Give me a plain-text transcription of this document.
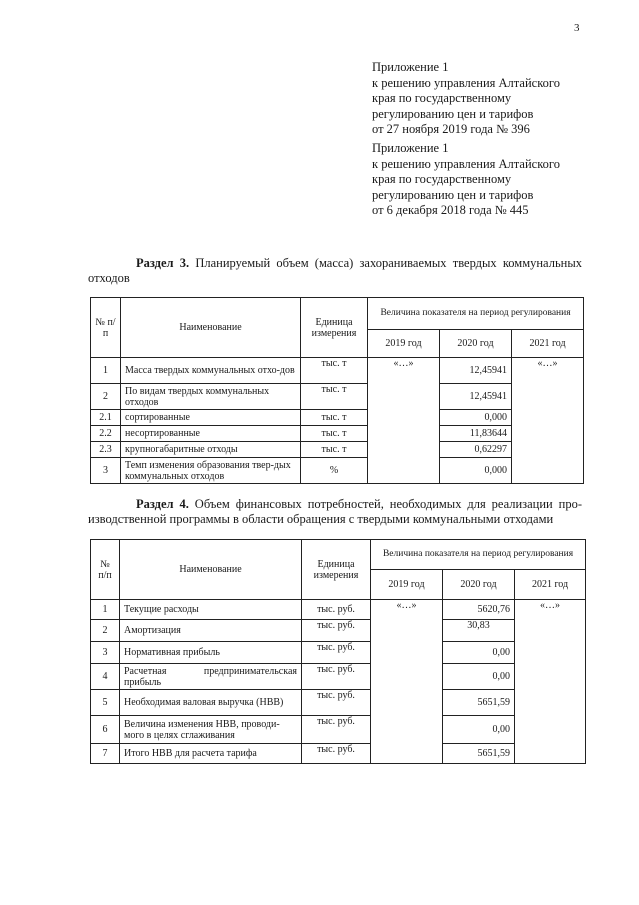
3
Приложение 1
к решению управления Алтайского
края по государственному
регулированию цен и тарифов
от 27 ноября 2019 года № 396
Приложение 1
к решению управления Алтайского
края по государственному
регулированию цен и тарифов
от 6 декабря 2018 года № 445
Раздел 3. Планируемый объем (масса) захораниваемых твердых коммунальных
отходов
№ п/п	Наименование	Единица измерения	Величина показателя на период регулирования		
			2019 год	2020 год	2021 год
1	Масса твердых коммунальных отхо-дов	тыс. т	«…»	12,45941	«…»
2	По видам твердых коммунальных отходов	тыс. т		12,45941	
2.1	сортированные	тыс. т		0,000	
2.2	несортированные	тыс. т		11,83644	
2.3	крупногабаритные отходы	тыс. т		0,62297	
3	Темп изменения образования твер-дых коммунальных отходов	%		0,000	
Раздел 4. Объем финансовых потребностей, необходимых для реализации про-
изводственной программы в области обращения с твердыми коммунальными отходами
№ п/п	Наименование	Единица измерения	Величина показателя на период регулирования		
			2019 год	2020 год	2021 год
1	Текущие расходы	тыс. руб.	«…»	5620,76	«…»
2	Амортизация	тыс. руб.		30,83	
3	Нормативная прибыль	тыс. руб.		0,00	
4	Расчетная предпринимательская прибыль	тыс. руб.		0,00	
5	Необходимая валовая выручка (НВВ)	тыс. руб.		5651,59	
6	Величина изменения НВВ, проводи-мого в целях сглаживания	тыс. руб.		0,00	
7	Итого НВВ для расчета тарифа	тыс. руб.		5651,59	
